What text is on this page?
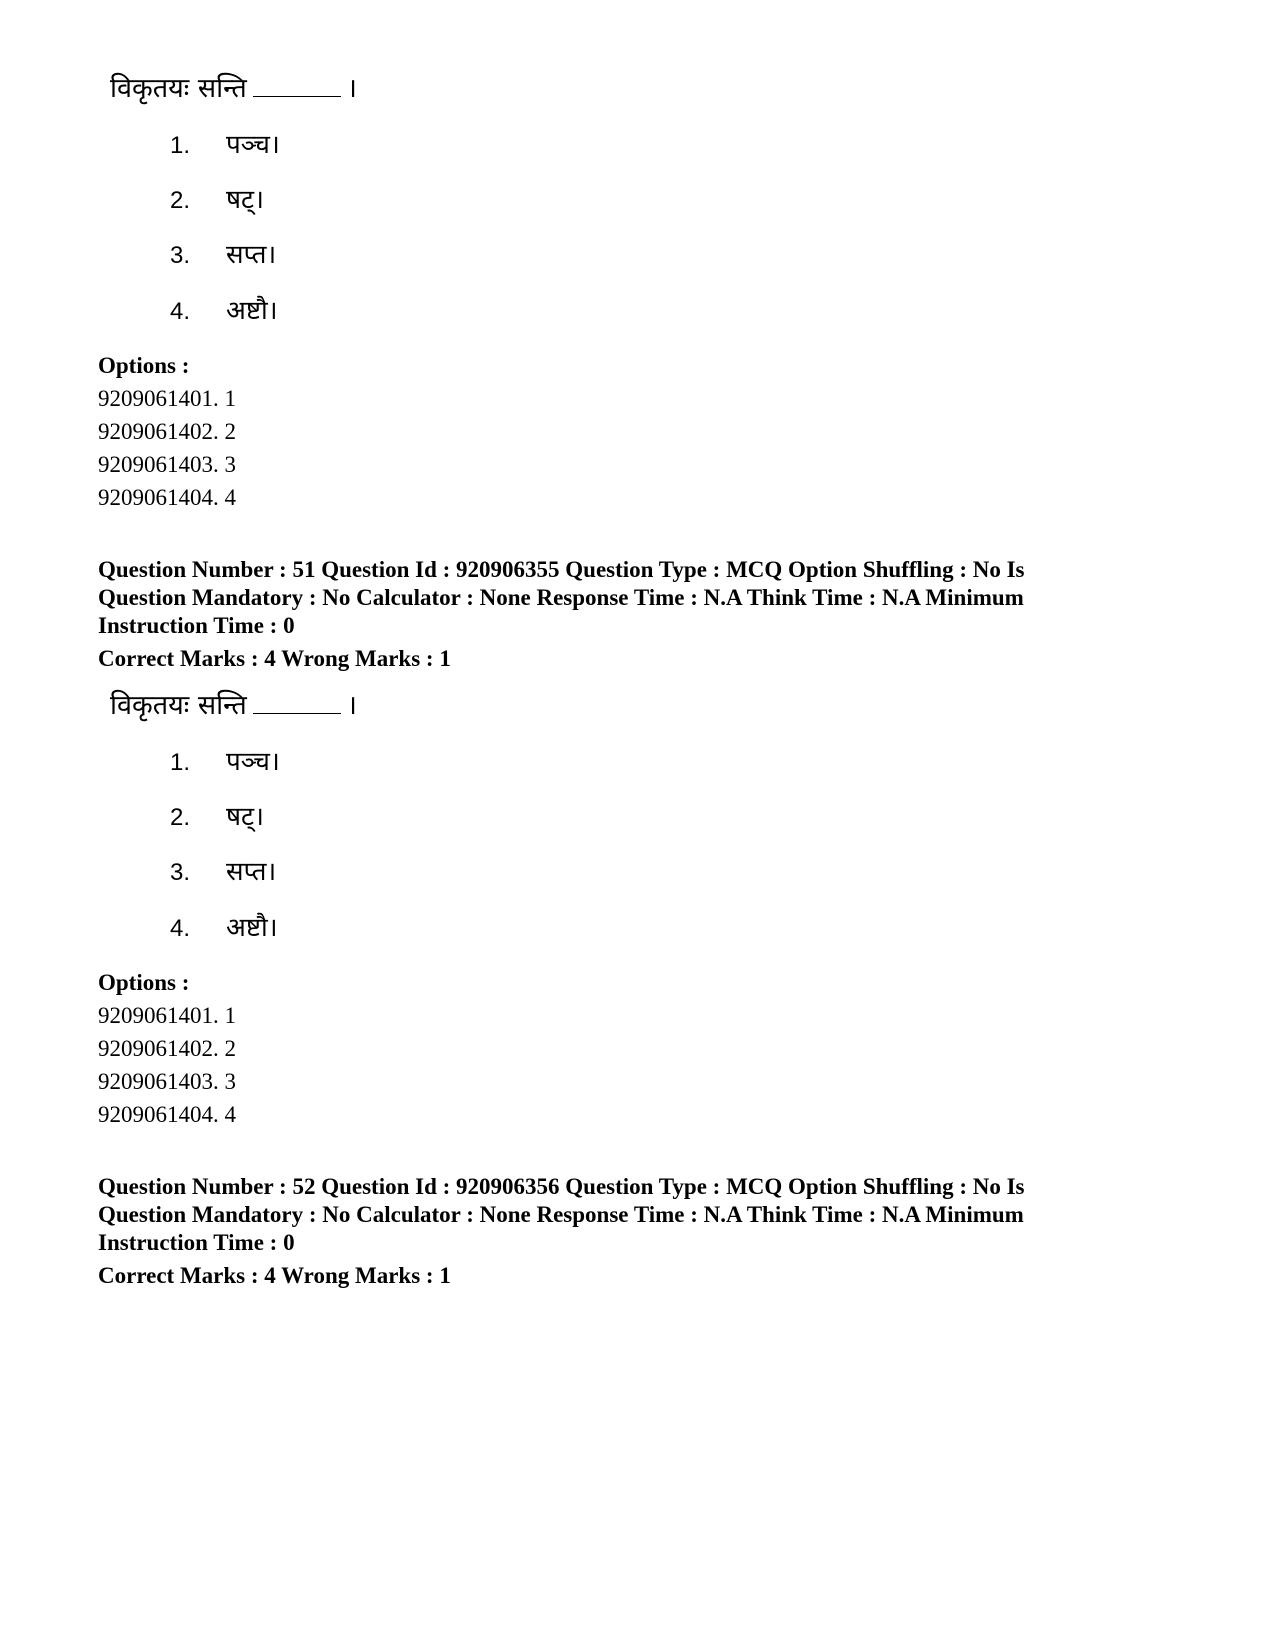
विकृतयः सन्ति	।
1. पञ्च।
2. षट्।
3. सप्त।
4. अष्टौ।
Options :
9209061401. 1
9209061402. 2
9209061403. 3
9209061404. 4
Question Number : 51 Question Id : 920906355 Question Type : MCQ Option Shuffling : No Is
Question Mandatory : No Calculator : None Response Time : N.A Think Time : N.A Minimum
Instruction Time : 0
Correct Marks : 4 Wrong Marks : 1
विकृतयः सन्ति	।
1. पञ्च।
2. षट्।
3. सप्त।
4. अष्टौ।
Options :
9209061401. 1
9209061402. 2
9209061403. 3
9209061404. 4
Question Number : 52 Question Id : 920906356 Question Type : MCQ Option Shuffling : No Is
Question Mandatory : No Calculator : None Response Time : N.A Think Time : N.A Minimum
Instruction Time : 0
Correct Marks : 4 Wrong Marks : 1
